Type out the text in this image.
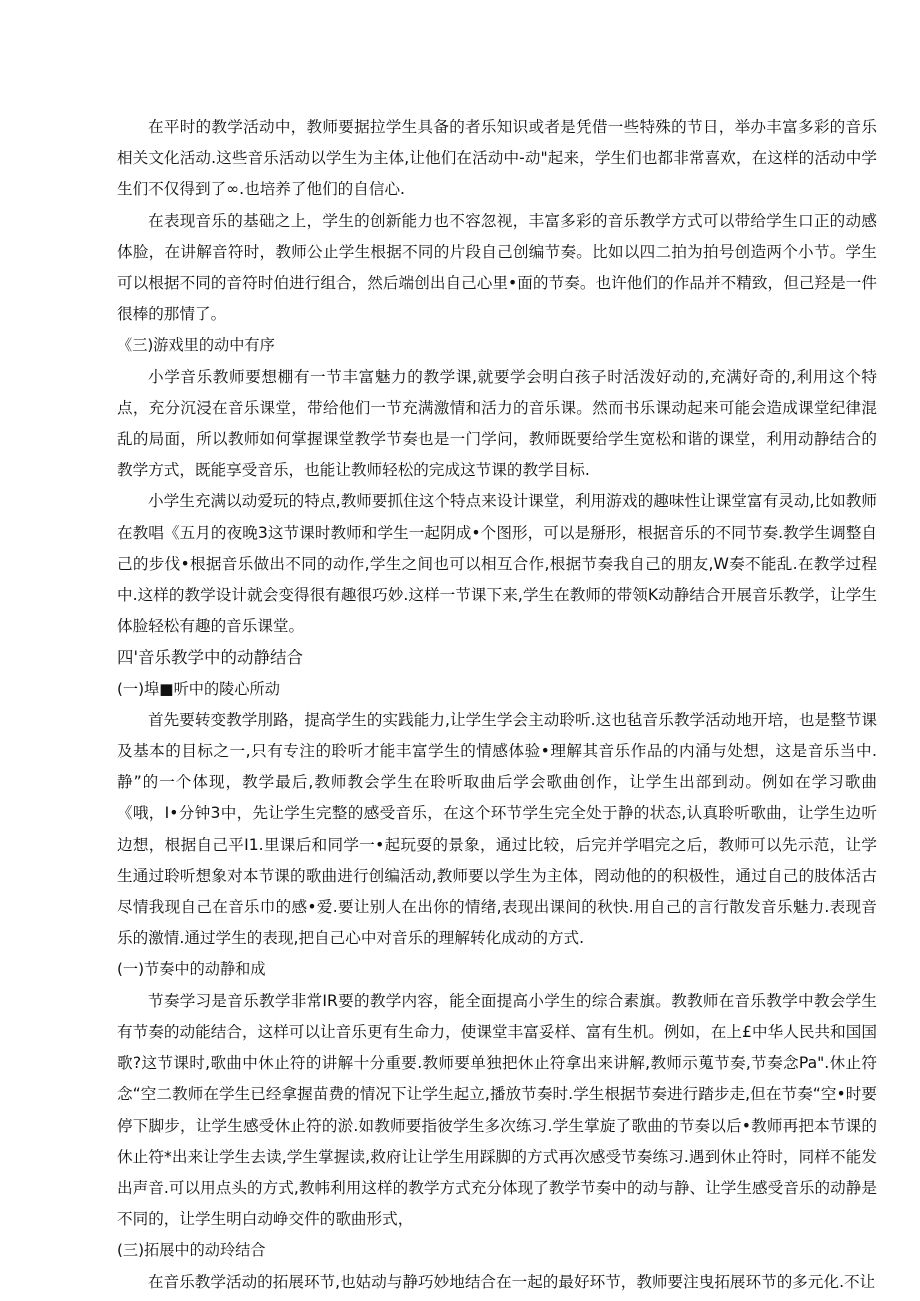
在平时的教学活动中，教师要据拉学生具备的者乐知识或者是凭借一些特殊的节日，举办丰富多彩的音乐相关文化活动.这些音乐活动以学生为主体,让他们在活动中-动"起来，学生们也都非常喜欢，在这样的活动中学生们不仅得到了∞.也培养了他们的自信心.

在表现音乐的基础之上，学生的创新能力也不容忽视，丰富多彩的音乐教学方式可以带给学生口正的动感体脸，在讲解音符时，教师公止学生根据不同的片段自己创编节奏。比如以四二拍为拍号创造两个小节。学生可以根据不同的音符时伯进行组合，然后端创出自己心里•面的节奏。也许他们的作品并不精致，但己羟是一件很棒的那情了。

《三)游戏里的动中有序

小学音乐教师要想棚有一节丰富魅力的教学课,就要学会明白孩子时活泼好动的,充满好奇的,利用这个特点，充分沉浸在音乐课堂，带给他们一节充满激情和活力的音乐课。然而书乐课动起来可能会造成课堂纪律混乱的局面，所以教师如何掌握课堂教学节奏也是一门学问，教师既要给学生宽松和谐的课堂，利用动静结合的教学方式，既能享受音乐，也能让教师轻松的完成这节课的教学目标.

小学生充满以动爱玩的特点,教师要抓住这个特点来设计课堂，利用游戏的趣味性让课堂富有灵动,比如教师在教唱《五月的夜晚3这节课时教师和学生一起阴成•个图形，可以是掰形，根据音乐的不同节奏.教学生调整自己的步伐•根据音乐做出不同的动作,学生之间也可以相互合作,根据节奏我自己的朋友,W奏不能乱.在教学过程中.这样的教学设计就会变得很有趣很巧妙.这样一节课下来,学生在教师的带领K动静结合开展音乐教学，让学生体脸轻松有趣的音乐课堂。

四'音乐教学中的动静结合

(一)埠■听中的陵心所动

首先要转变教学刖路，提高学生的实践能力,让学生学会主动聆听.这也毡音乐教学活动地开培，也是整节课及基本的目标之一,只有专注的聆听才能丰富学生的情感体验•理解其音乐作品的内涌与处想，这是音乐当中.静”的一个体现，教学最后,教师教会学生在聆听取曲后学会歌曲创作，让学生出部到动。例如在学习歌曲《哦，I•分钟3中，先让学生完整的感受音乐，在这个环节学生完全处于静的状态,认真聆听歌曲，让学生边听边想，根据自己平I1.里课后和同学一•起玩耍的景象，通过比较，后完并学唱完之后，教师可以先示范，让学生通过聆听想象对本节课的歌曲进行创编活动,教师要以学生为主体，罔动他的的积极性，通过自己的肢体活古尽情我现自己在音乐巾的感•爱.要让别人在出你的情绪,表现出课间的秋快.用自己的言行散发音乐魅力.表现音乐的激情.通过学生的表现,把自己心中对音乐的理解转化成动的方式.

(一)节奏中的动静和成

节奏学习是音乐教学非常IR要的教学内容，能全面提高小学生的综合素旗。教教师在音乐教学中教会学生有节奏的动能结合，这样可以让音乐更有生命力，使课堂丰富妥样、富有生机。例如，在上£中华人民共和国国歌?这节课时,歌曲中休止符的讲解十分重要.教师要单独把休止符拿出来讲解,教师示蒐节奏,节奏念Pa".休止符念“空二教师在学生已经拿握苗费的情况下让学生起立,播放节奏时.学生根据节奏进行踏步走,但在节奏“空•时要停下脚步，让学生感受休止符的淤.如教师要指彼学生多次练习.学生掌旋了歌曲的节奏以后•教师再把本节课的休止符*出来让学生去读,学生掌握读,救府让让学生用踩脚的方式再次感受节奏练习.遇到休止符时，同样不能发出声音.可以用点头的方式,教帏利用这样的教学方式充分体现了教学节奏中的动与静、让学生感受音乐的动静是不同的，让学生明白动峥交件的歌曲形式，

(三)拓展中的动玲结合

在音乐教学活动的拓展环节,也姑动与静巧妙地结合在一起的最好环节，教师要注曳拓展环节的多元化.不让
